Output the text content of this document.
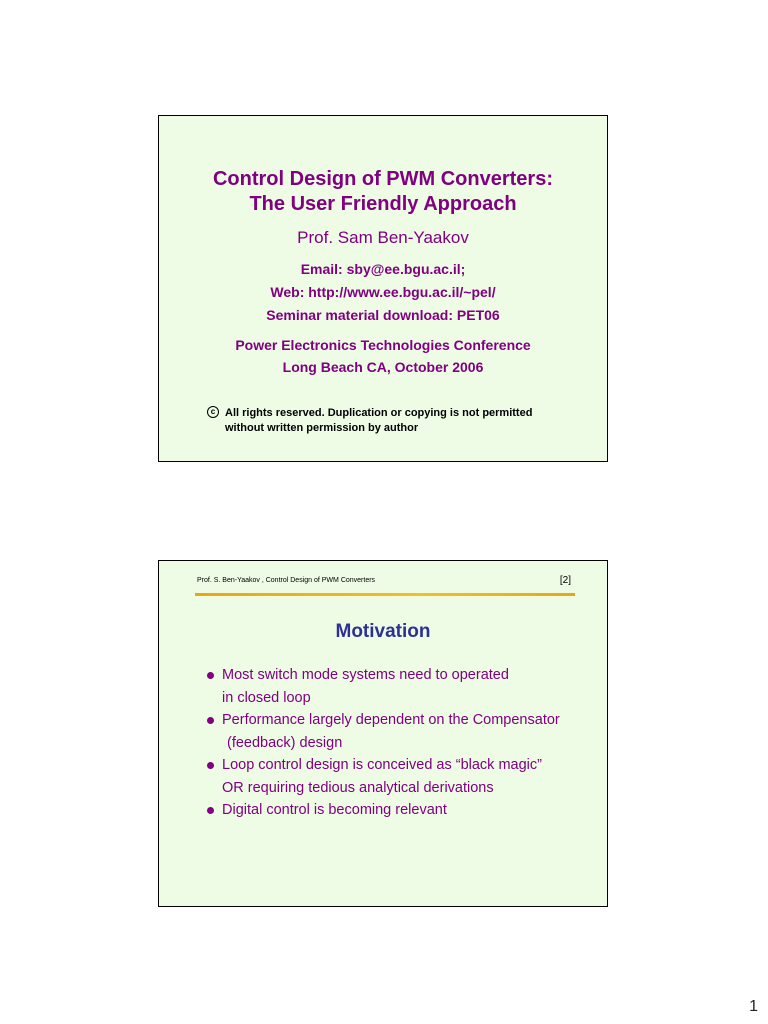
Control Design of PWM Converters:
The User Friendly Approach
Prof. Sam Ben-Yaakov
Email: sby@ee.bgu.ac.il;
Web: http://www.ee.bgu.ac.il/~pel/
Seminar material download: PET06
Power Electronics Technologies Conference
Long Beach CA, October 2006
c All rights reserved. Duplication or copying is not permitted
without written permission by author
Prof. S. Ben-Yaakov , Control Design of PWM Converters	[2]
Motivation
Most switch mode systems need to operated
in closed loop
Performance largely dependent on the Compensator
(feedback) design
Loop control design is conceived as “black magic”
OR requiring tedious analytical derivations
Digital control is becoming relevant
1
